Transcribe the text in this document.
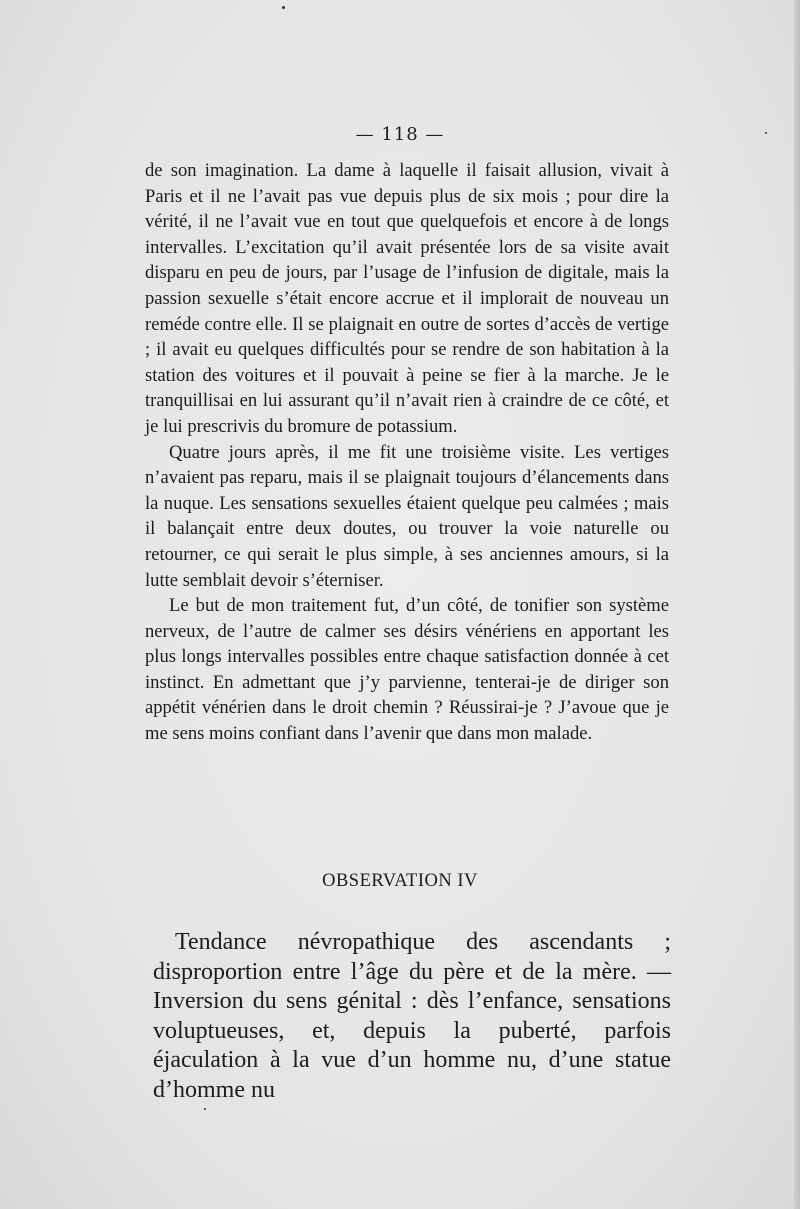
— 118 —

de son imagination. La dame à laquelle il faisait allusion, vivait à Paris et il ne l’avait pas vue depuis plus de six mois ; pour dire la vérité, il ne l’avait vue en tout que quelquefois et encore à de longs intervalles. L’excitation qu’il avait présentée lors de sa visite avait disparu en peu de jours, par l’usage de l’infusion de digitale, mais la passion sexuelle s’était encore accrue et il implorait de nouveau un reméde contre elle. Il se plaignait en outre de sortes d’accès de vertige ; il avait eu quelques difficultés pour se rendre de son habitation à la station des voitures et il pouvait à peine se fier à la marche. Je le tranquillisai en lui assurant qu’il n’avait rien à craindre de ce côté, et je lui prescrivis du bromure de potassium.

Quatre jours après, il me fit une troisième visite. Les vertiges n’avaient pas reparu, mais il se plaignait toujours d’élancements dans la nuque. Les sensations sexuelles étaient quelque peu calmées ; mais il balançait entre deux doutes, ou trouver la voie naturelle ou retourner, ce qui serait le plus simple, à ses anciennes amours, si la lutte semblait devoir s’éterniser.

Le but de mon traitement fut, d’un côté, de tonifier son système nerveux, de l’autre de calmer ses désirs vénériens en apportant les plus longs intervalles possibles entre chaque satisfaction donnée à cet instinct. En admettant que j’y parvienne, tenterai-je de diriger son appétit vénérien dans le droit chemin ? Réussirai-je ? J’avoue que je me sens moins confiant dans l’avenir que dans mon malade.

OBSERVATION IV
Tendance névropathique des ascendants ; disproportion entre l’âge du père et de la mère. — Inversion du sens génital : dès l’enfance, sensations voluptueuses, et, depuis la puberté, parfois éjaculation à la vue d’un homme nu, d’une statue d’homme nu
